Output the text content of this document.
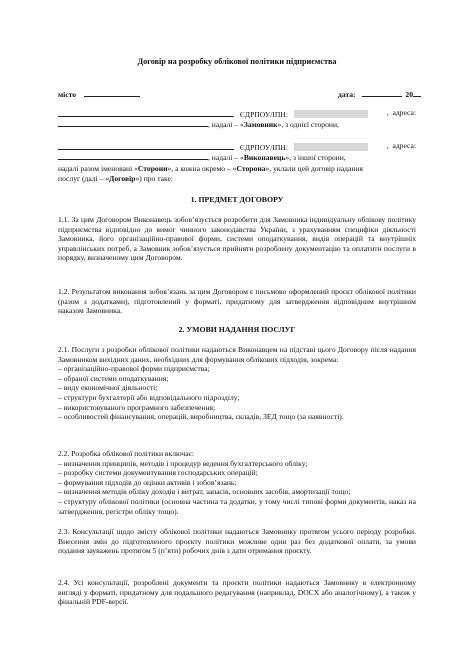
Договір на розробку облікової політики підприємства
місто	дата:	20
ЄДРПОУ/ІПН:	,  адреса:
, надалі – «Замовник», з однієї сторони,
ЄДРПОУ/ІПН:	,  адреса:
, надалі – «Виконавець», з іншої сторони,

надалі разом іменовані «Сторони», а кожна окремо – «Сторона», уклали цей договір надання

послуг (далі – «Договір») про таке:

1. ПРЕДМЕТ ДОГОВОРУ

1.1. За цим Договором Виконавець зобов’язується розробити для Замовника індивідуальну облікову політику підприємства відповідно до вимог чинного законодавства України, з урахуванням специфіки діяльності Замовника, його організаційно-правової форми, системи оподаткування, видів операцій та внутрішніх управлінських потреб, а Замовник зобов’язується прийняти розроблену документацію та оплатити послуги в порядку, визначеному цим Договором.

1.2. Результатом виконання зобов’язань за цим Договором є письмово оформлений проєкт облікової політики (разом з додатками), підготовлений у форматі, придатному для затвердження відповідним внутрішнім наказом Замовника.

2. УМОВИ НАДАННЯ ПОСЛУГ

2.1. Послуги з розробки облікової політики надаються Виконавцем на підставі цього Договору після надання Замовником вихідних даних, необхідних для формування облікових підходів, зокрема:

– організаційно-правової форми підприємства;

– обраної системи оподаткування;

– виду економічної діяльності;

– структури бухгалтерії або відповідального підрозділу;

– використовуваного програмного забезпечення;

– особливостей фінансування, операцій, виробництва, складів, ЗЕД тощо (за наявності).

2.2. Розробка облікової політики включає:

– визначення принципів, методів і процедур ведення бухгалтерського обліку;

– розробку системи документування господарських операцій;

– формування підходів до оцінки активів і зобов’язань;

– визначення методів обліку доходів і витрат, запасів, основних засобів, амортизації тощо;

– структуру облікової політики (основна частина та додатки, у тому числі типові форми документів, наказ на затвердження, регістри обліку тощо).

2.3. Консультації щодо змісту облікової політики надаються Замовнику протягом усього періоду розробки. Внесення змін до підготовленого проєкту політики можливе один раз без додаткової оплати, за умови подання зауважень протягом 5 (п’яти) робочих днів з дати отримання проєкту.

2.4. Усі консультації, розроблені документи та проєкти політики надаються Замовнику в електронному вигляді у форматі, придатному для подальшого редагування (наприклад, DOCX або аналогічному), а також у фінальній PDF-версії.
